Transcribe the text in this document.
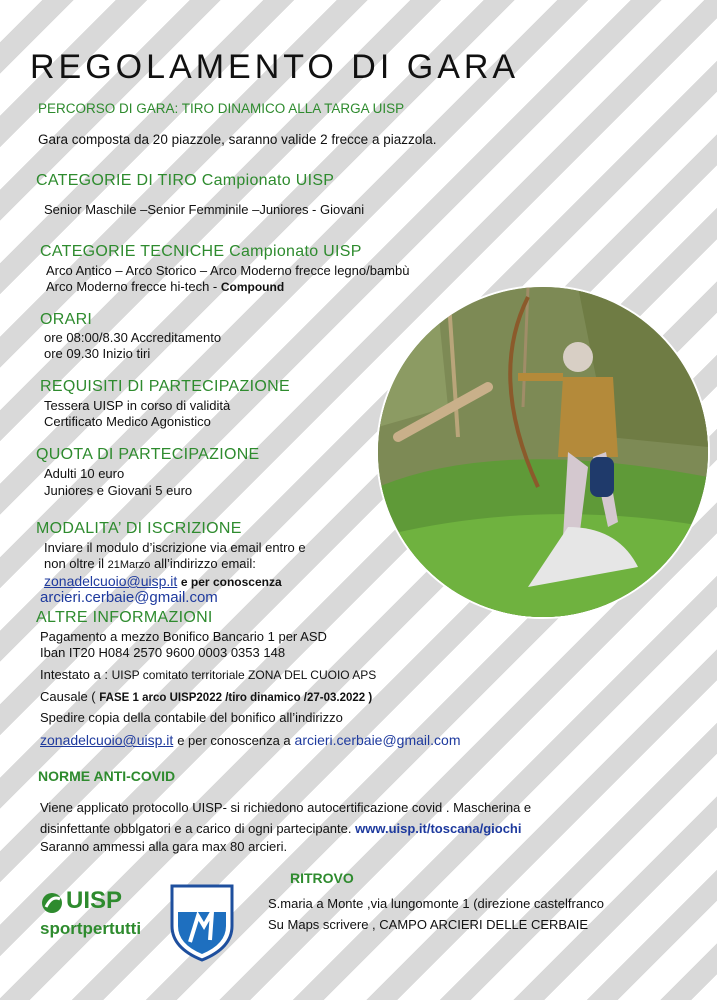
REGOLAMENTO DI GARA
PERCORSO DI GARA: TIRO DINAMICO ALLA TARGA UISP
Gara composta da 20 piazzole, saranno valide 2 frecce a piazzola.
CATEGORIE DI TIRO Campionato UISP
Senior Maschile –Senior Femminile –Juniores - Giovani
CATEGORIE TECNICHE Campionato UISP
Arco Antico – Arco Storico – Arco Moderno frecce legno/bambù
Arco Moderno frecce hi-tech - Compound
ORARI
ore 08:00/8.30 Accreditamento
ore 09.30 Inizio tiri
REQUISITI DI PARTECIPAZIONE
Tessera UISP in corso di validità
Certificato Medico Agonistico
QUOTA DI PARTECIPAZIONE
Adulti 10 euro
Juniores e Giovani 5 euro
MODALITA’ DI ISCRIZIONE
Inviare il modulo d’iscrizione via email entro e
non oltre il 21Marzo all’indirizzo email:
zonadelcuoio@uisp.it e per conoscenza
arcieri.cerbaie@gmail.com
ALTRE INFORMAZIONI
Pagamento a mezzo Bonifico Bancario 1 per ASD
Iban IT20 H084 2570 9600 0003 0353 148
Intestato a : UISP comitato territoriale ZONA DEL CUOIO APS
Causale ( FASE 1 arco UISP2022 /tiro dinamico /27-03.2022 )
Spedire copia della contabile del bonifico all’indirizzo
zonadelcuoio@uisp.it e per conoscenza a arcieri.cerbaie@gmail.com
NORME ANTI-COVID
Viene applicato protocollo UISP- si richiedono autocertificazione covid . Mascherina e
disinfettante obblgatori e a carico di ogni partecipante. www.uisp.it/toscana/giochi
Saranno ammessi alla gara max 80 arcieri.
RITROVO
S.maria a Monte ,via lungomonte 1 (direzione castelfranco
Su Maps scrivere , CAMPO ARCIERI DELLE CERBAIE
UISP
sportpertutti
